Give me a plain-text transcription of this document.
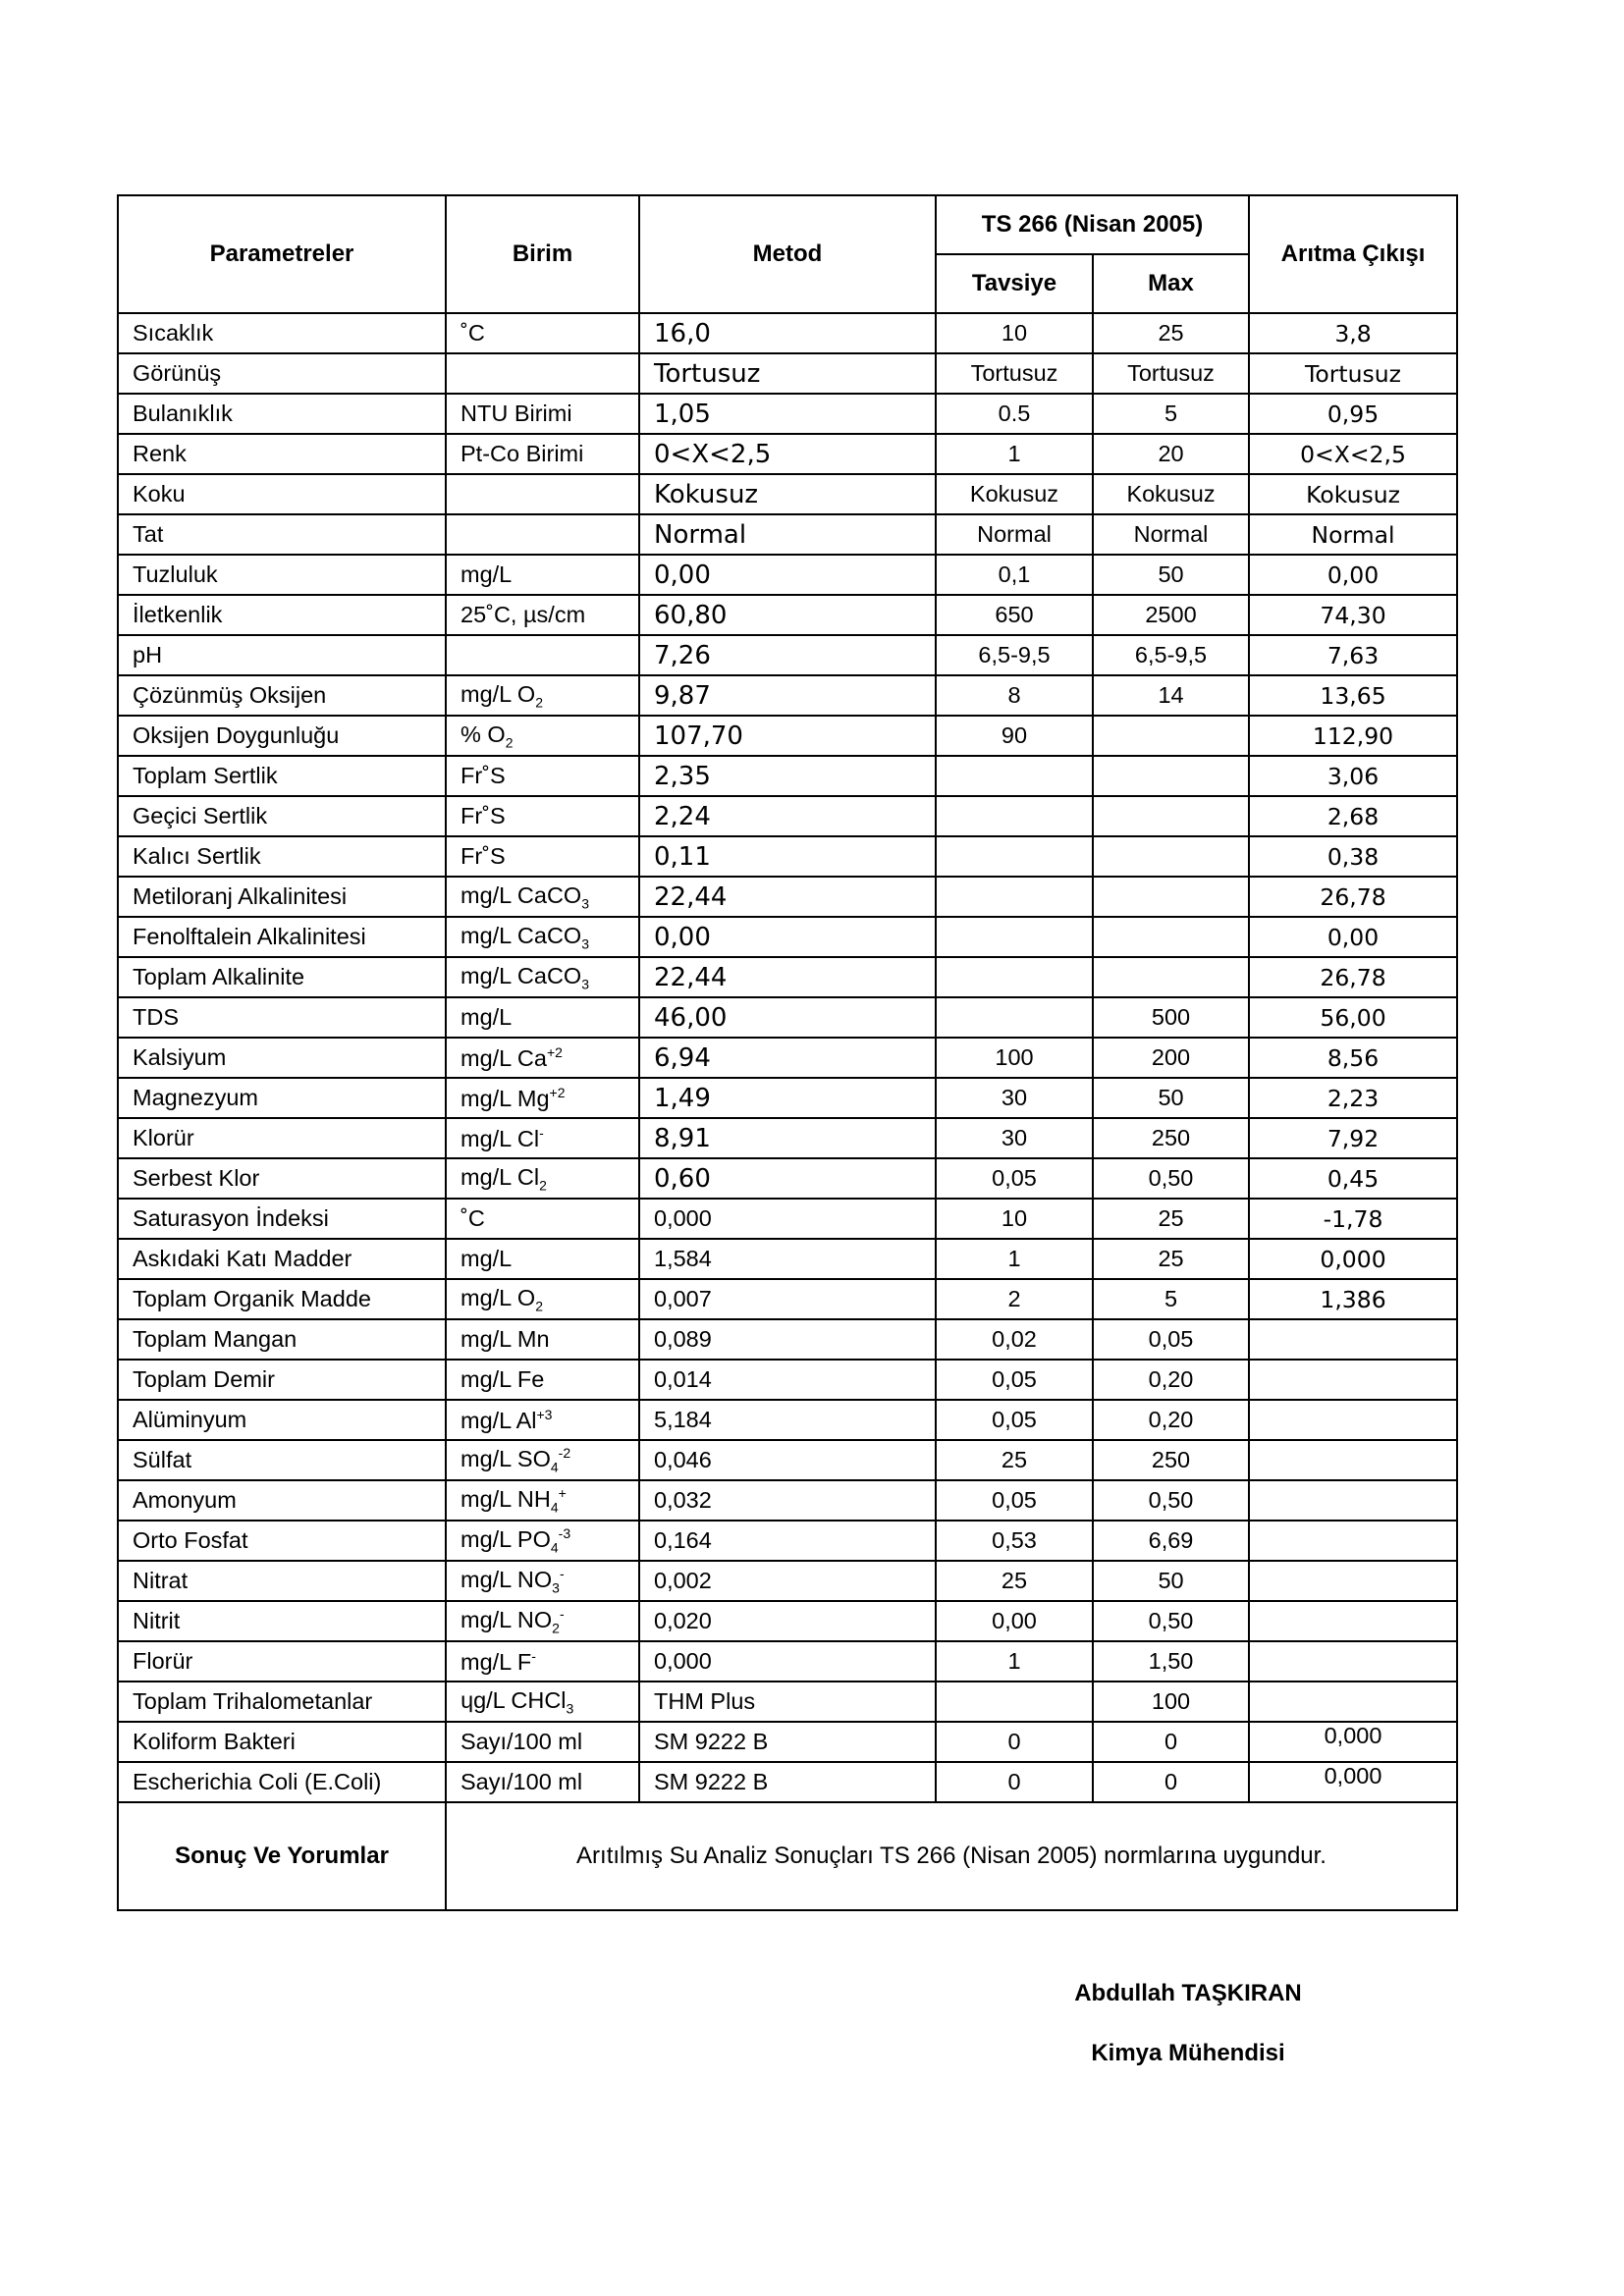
Parametreler	Birim	Metod	TS 266 (Nisan 2005)		Arıtma Çıkışı
			Tavsiye	Max	
Sıcaklık	˚C	16,0	10	25	3,8
Görünüş		Tortusuz	Tortusuz	Tortusuz	Tortusuz
Bulanıklık	NTU Birimi	1,05	0.5	5	0,95
Renk	Pt-Co Birimi	0<X<2,5	1	20	0<X<2,5
Koku		Kokusuz	Kokusuz	Kokusuz	Kokusuz
Tat		Normal	Normal	Normal	Normal
Tuzluluk	mg/L	0,00	0,1	50	0,00
İletkenlik	25˚C, µs/cm	60,80	650	2500	74,30
pH		7,26	6,5-9,5	6,5-9,5	7,63
Çözünmüş Oksijen	mg/L $O_2$	9,87	8	14	13,65
Oksijen Doygunluğu	% $O_2$	107,70	90		112,90
Toplam Sertlik	Fr˚S	2,35			3,06
Geçici Sertlik	Fr˚S	2,24			2,68
Kalıcı Sertlik	Fr˚S	0,11			0,38
Metiloranj Alkalinitesi	mg/L CaCO$_3$	22,44			26,78
Fenolftalein Alkalinitesi	mg/L CaCO$_3$	0,00			0,00
Toplam Alkalinite	mg/L CaCO$_3$	22,44			26,78
TDS	mg/L	46,00		500	56,00
Kalsiyum	mg/L $Ca^{+2}$	6,94	100	200	8,56
Magnezyum	mg/L $Mg^{+2}$	1,49	30	50	2,23
Klorür	mg/L Cl-	8,91	30	250	7,92
Serbest Klor	mg/L $Cl_2$	0,60	0,05	0,50	0,45
Saturasyon İndeksi	˚C	0,000	10	25	-1,78
Askıdaki Katı Madder	mg/L	1,584	1	25	0,000
Toplam Organik Madde	mg/L $O_2$	0,007	2	5	1,386
Toplam Mangan	mg/L Mn	0,089	0,02	0,05	
Toplam Demir	mg/L Fe	0,014	0,05	0,20	
Alüminyum	mg/L $Al^{+3}$	5,184	0,05	0,20	
Sülfat	mg/L $SO_4^{-2}$	0,046	25	250	
Amonyum	mg/L $NH_4^+$	0,032	0,05	0,50	
Orto Fosfat	mg/L $PO_4^{-3}$	0,164	0,53	6,69	
Nitrat	mg/L $NO_3^-$	0,002	25	50	
Nitrit	mg/L $NO_2^-$	0,020	0,00	0,50	
Florür	mg/L F-	0,000	1	1,50	
Toplam Trihalometanlar	ɥg/L CHCl$_3$	THM Plus		100	
Koliform Bakteri	Sayı/100 ml	SM 9222 B	0	0	0,000
Escherichia Coli (E.Coli)	Sayı/100 ml	SM 9222 B	0	0	0,000
Sonuç Ve Yorumlar	Arıtılmış Su Analiz Sonuçları TS 266 (Nisan 2005) normlarına uygundur.				
Abdullah TAŞKIRAN
Kimya Mühendisi
